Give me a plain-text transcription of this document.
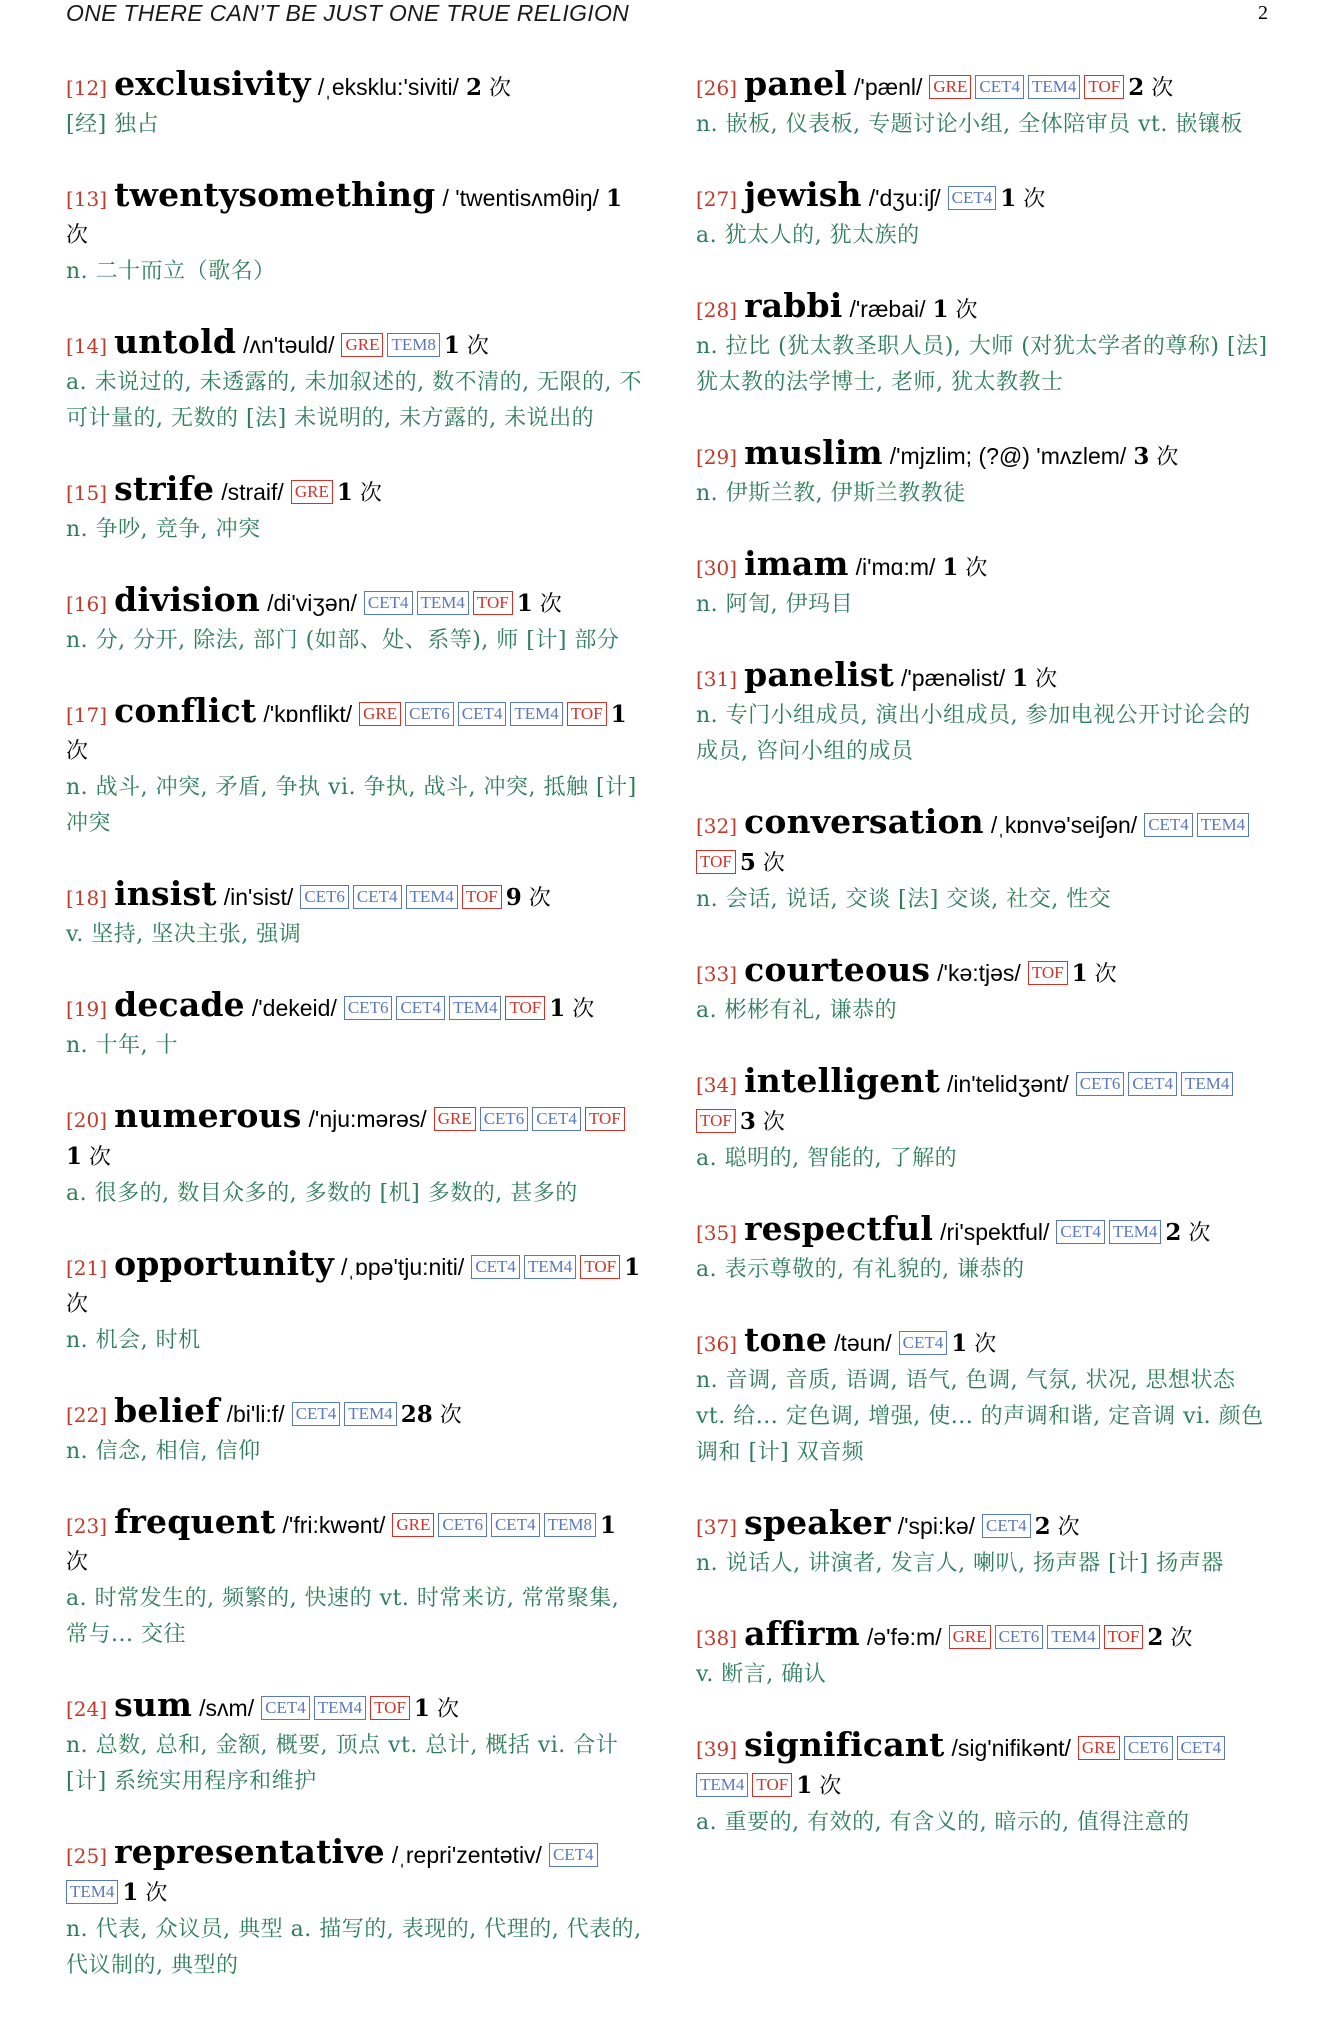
ONE THERE CAN’T BE JUST ONE TRUE RELIGION	2
[12] exclusivity /ˌeksklu:'siviti/ 2 次
[经] 独占
[13] twentysomething / 'twentisʌmθiŋ/ 1 次
n. 二十而立（歌名）
[14] untold /ʌn'təuld/ GRE TEM8 1 次
a. 未说过的, 未透露的, 未加叙述的, 数不清的, 无限的, 不可计量的, 无数的 [法] 未说明的, 未方露的, 未说出的
[15] strife /straif/ GRE 1 次
n. 争吵, 竞争, 冲突
[16] division /di'viʒən/ CET4 TEM4 TOF 1 次
n. 分, 分开, 除法, 部门 (如部、处、系等), 师 [计] 部分
[17] conflict /'kɒnflikt/ GRE CET6 CET4 TEM4 TOF 1 次
n. 战斗, 冲突, 矛盾, 争执 vi. 争执, 战斗, 冲突, 抵触 [计] 冲突
[18] insist /in'sist/ CET6 CET4 TEM4 TOF 9 次
v. 坚持, 坚决主张, 强调
[19] decade /'dekeid/ CET6 CET4 TEM4 TOF 1 次
n. 十年, 十
[20] numerous /'nju:mərəs/ GRE CET6 CET4 TOF1 次
a. 很多的, 数目众多的, 多数的 [机] 多数的, 甚多的
[21] opportunity /ˌɒpə'tju:niti/ CET4 TEM4 TOF 1 次
n. 机会, 时机
[22] belief /bi'li:f/ CET4 TEM4 28 次
n. 信念, 相信, 信仰
[23] frequent /'fri:kwənt/ GRE CET6 CET4 TEM8 1 次
a. 时常发生的, 频繁的, 快速的 vt. 时常来访, 常常聚集, 常与... 交往
[24] sum /sʌm/ CET4 TEM4 TOF 1 次
n. 总数, 总和, 金额, 概要, 顶点 vt. 总计, 概括 vi. 合计 [计] 系统实用程序和维护
[25] representative /ˌrepri'zentətiv/ CET4TEM4 1 次
n. 代表, 众议员, 典型 a. 描写的, 表现的, 代理的, 代表的, 代议制的, 典型的
[26] panel /'pænl/ GRE CET4 TEM4 TOF 2 次
n. 嵌板, 仪表板, 专题讨论小组, 全体陪审员 vt. 嵌镶板
[27] jewish /'dʒu:iʃ/ CET4 1 次
a. 犹太人的, 犹太族的
[28] rabbi /'ræbai/ 1 次
n. 拉比 (犹太教圣职人员), 大师 (对犹太学者的尊称) [法] 犹太教的法学博士, 老师, 犹太教教士
[29] muslim /'mjzlim; (?@) 'mʌzlem/ 3 次
n. 伊斯兰教, 伊斯兰教教徒
[30] imam /i'mɑ:m/ 1 次
n. 阿訇, 伊玛目
[31] panelist /'pænəlist/ 1 次
n. 专门小组成员, 演出小组成员, 参加电视公开讨论会的成员, 咨问小组的成员
[32] conversation /ˌkɒnvə'seiʃən/ CET4 TEM4TOF 5 次
n. 会话, 说话, 交谈 [法] 交谈, 社交, 性交
[33] courteous /'kə:tjəs/ TOF 1 次
a. 彬彬有礼, 谦恭的
[34] intelligent /in'telidʒənt/ CET6 CET4 TEM4TOF 3 次
a. 聪明的, 智能的, 了解的
[35] respectful /ri'spektful/ CET4 TEM4 2 次
a. 表示尊敬的, 有礼貌的, 谦恭的
[36] tone /təun/ CET4 1 次
n. 音调, 音质, 语调, 语气, 色调, 气氛, 状况, 思想状态 vt. 给... 定色调, 增强, 使... 的声调和谐, 定音调 vi. 颜色调和 [计] 双音频
[37] speaker /'spi:kə/ CET4 2 次
n. 说话人, 讲演者, 发言人, 喇叭, 扬声器 [计] 扬声器
[38] affirm /ə'fə:m/ GRE CET6 TEM4 TOF 2 次
v. 断言, 确认
[39] significant /sig'nifikənt/ GRE CET6 CET4TEM4 TOF 1 次
a. 重要的, 有效的, 有含义的, 暗示的, 值得注意的
